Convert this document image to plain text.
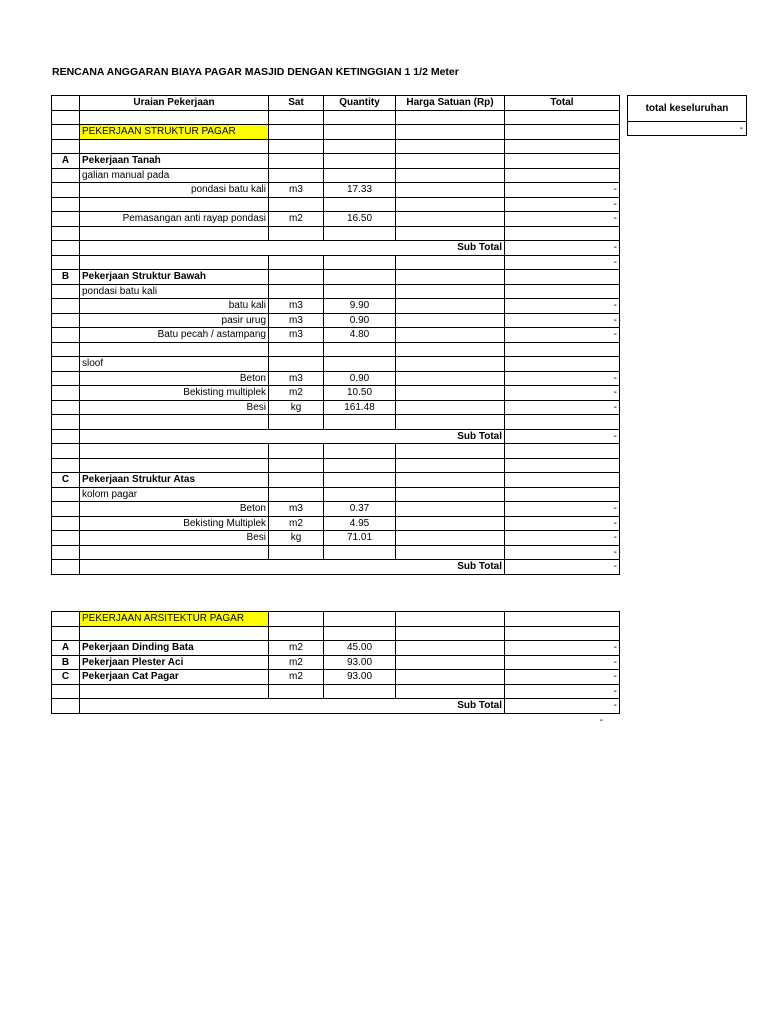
RENCANA ANGGARAN BIAYA PAGAR MASJID DENGAN KETINGGIAN 1 1/2 Meter
total keseluruhan
-
	Uraian Pekerjaan	Sat	Quantity	Harga Satuan (Rp)	Total

	PEKERJAAN STRUKTUR PAGAR				

A	Pekerjaan Tanah				
	galian manual pada				
	pondasi batu kali	m3	17.33		-
					-
	Pemasangan anti rayap pondasi	m2	16.50		-

	Sub Total				-
					-
B	Pekerjaan Struktur Bawah				
	pondasi batu kali				
	batu kali	m3	9.90		-
	pasir urug	m3	0.90		-
	Batu pecah / astampang	m3	4.80		-

	sloof				
	Beton	m3	0.90		-
	Bekisting multiplek	m2	10.50		-
	Besi	kg	161.48		-

	Sub Total				-

C	Pekerjaan Struktur Atas				
	kolom pagar				
	Beton	m3	0.37		-
	Bekisting Multiplek	m2	4.95		-
	Besi	kg	71.01		-
					-
	Sub Total				-
	PEKERJAAN ARSITEKTUR PAGAR				

A	Pekerjaan Dinding Bata	m2	45.00		-
B	Pekerjaan Plester Aci	m2	93.00		-
C	Pekerjaan Cat Pagar	m2	93.00		-
					-
	Sub Total				-
-
